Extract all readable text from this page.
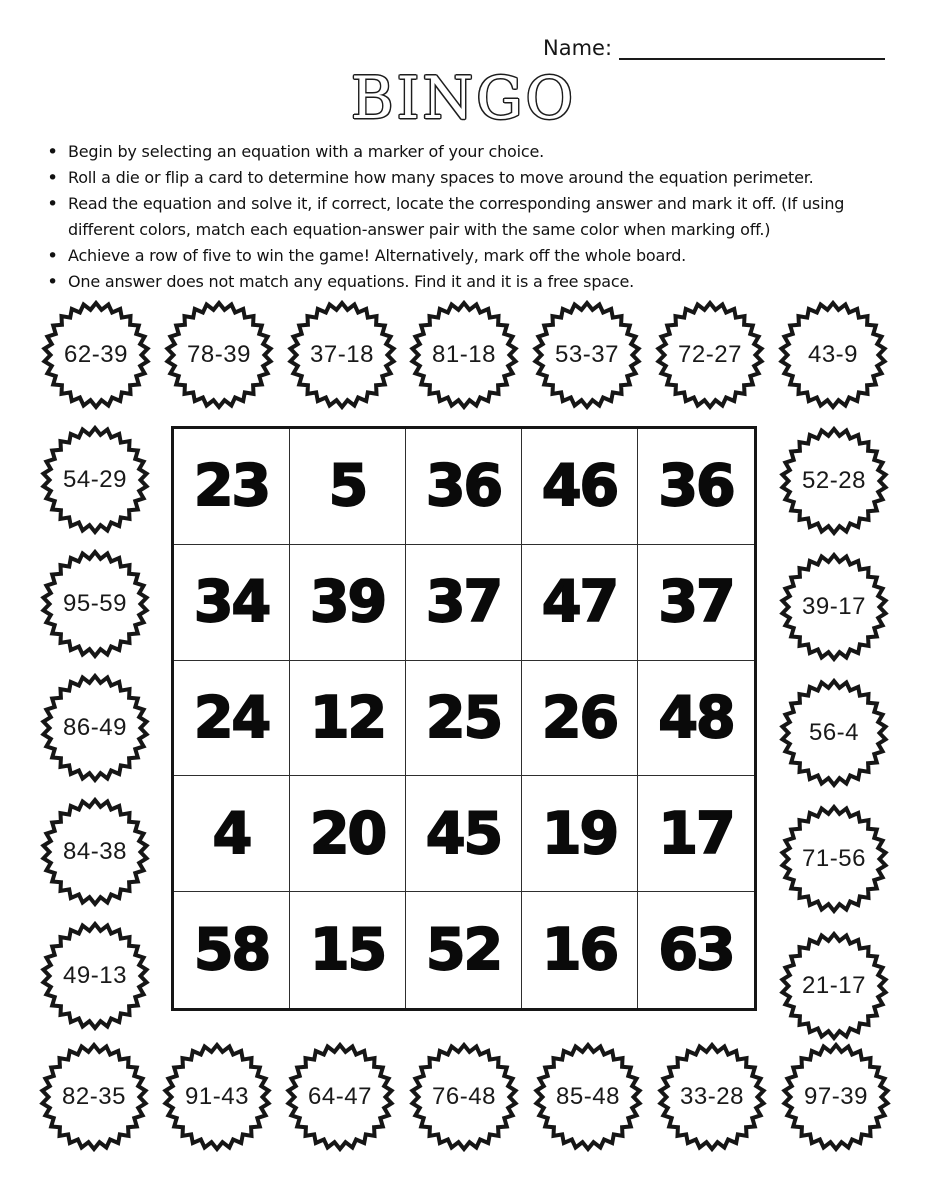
Name:
BINGO
• Begin by selecting an equation with a marker of your choice.
• Roll a die or flip a card to determine how many spaces to move around the equation perimeter.
• Read the equation and solve it, if correct, locate the corresponding answer and mark it off. (If using different colors, match each equation-answer pair with the same color when marking off.)
• Achieve a row of five to win the game! Alternatively, mark off the whole board.
• One answer does not match any equations. Find it and it is a free space.
23 5 36 46 36
34 39 37 47 37
24 12 25 26 48
4 20 45 19 17
58 15 52 16 63
62-39	78-39	37-18	81-18	53-37	72-27	43-9
82-35	91-43	64-47	76-48	85-48	33-28	97-39
54-29
95-59
86-49
84-38
49-13
52-28
39-17
56-4
71-56
21-17
